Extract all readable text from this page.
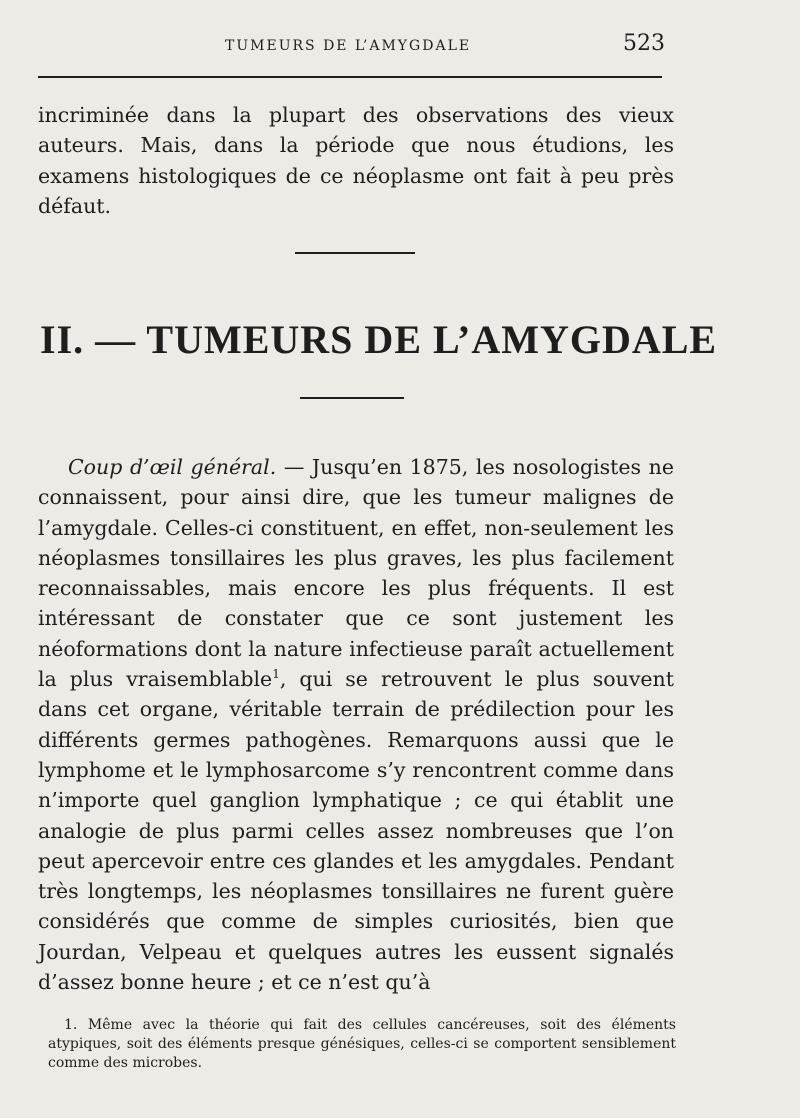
TUMEURS DE L’AMYGDALE	523

incriminée dans la plupart des observations des vieux auteurs. Mais, dans la période que nous étudions, les examens histologiques de ce néoplasme ont fait à peu près défaut.

II. — TUMEURS DE L’AMYGDALE

Coup d’œil général. — Jusqu’en 1875, les nosologistes ne connaissent, pour ainsi dire, que les tumeur malignes de l’amygdale. Celles-ci constituent, en effet, non-seulement les néoplasmes tonsillaires les plus graves, les plus facilement reconnaissables, mais encore les plus fréquents. Il est intéressant de constater que ce sont justement les néoformations dont la nature infectieuse paraît actuellement la plus vraisemblable$^1$, qui se retrouvent le plus souvent dans cet organe, véritable terrain de prédilection pour les différents germes pathogènes. Remarquons aussi que le lymphome et le lymphosarcome s’y rencontrent comme dans n’importe quel ganglion lymphatique ; ce qui établit une analogie de plus parmi celles assez nombreuses que l’on peut apercevoir entre ces glandes et les amygdales. Pendant très longtemps, les néoplasmes tonsillaires ne furent guère considérés que comme de simples curiosités, bien que Jourdan, Velpeau et quelques autres les eussent signalés d’assez bonne heure ; et ce n’est qu’à

1. Même avec la théorie qui fait des cellules cancéreuses, soit des éléments atypiques, soit des éléments presque génésiques, celles-ci se comportent sensiblement comme des microbes.
